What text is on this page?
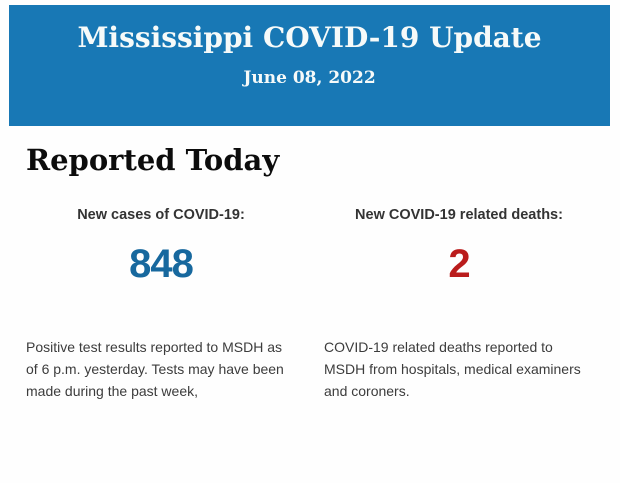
Mississippi COVID-19 Update
June 08, 2022
Reported Today
New cases of COVID-19:
848
Positive test results reported to MSDH as of 6 p.m. yesterday. Tests may have been made during the past week,
New COVID-19 related deaths:
2
COVID-19 related deaths reported to MSDH from hospitals, medical examiners and coroners.
